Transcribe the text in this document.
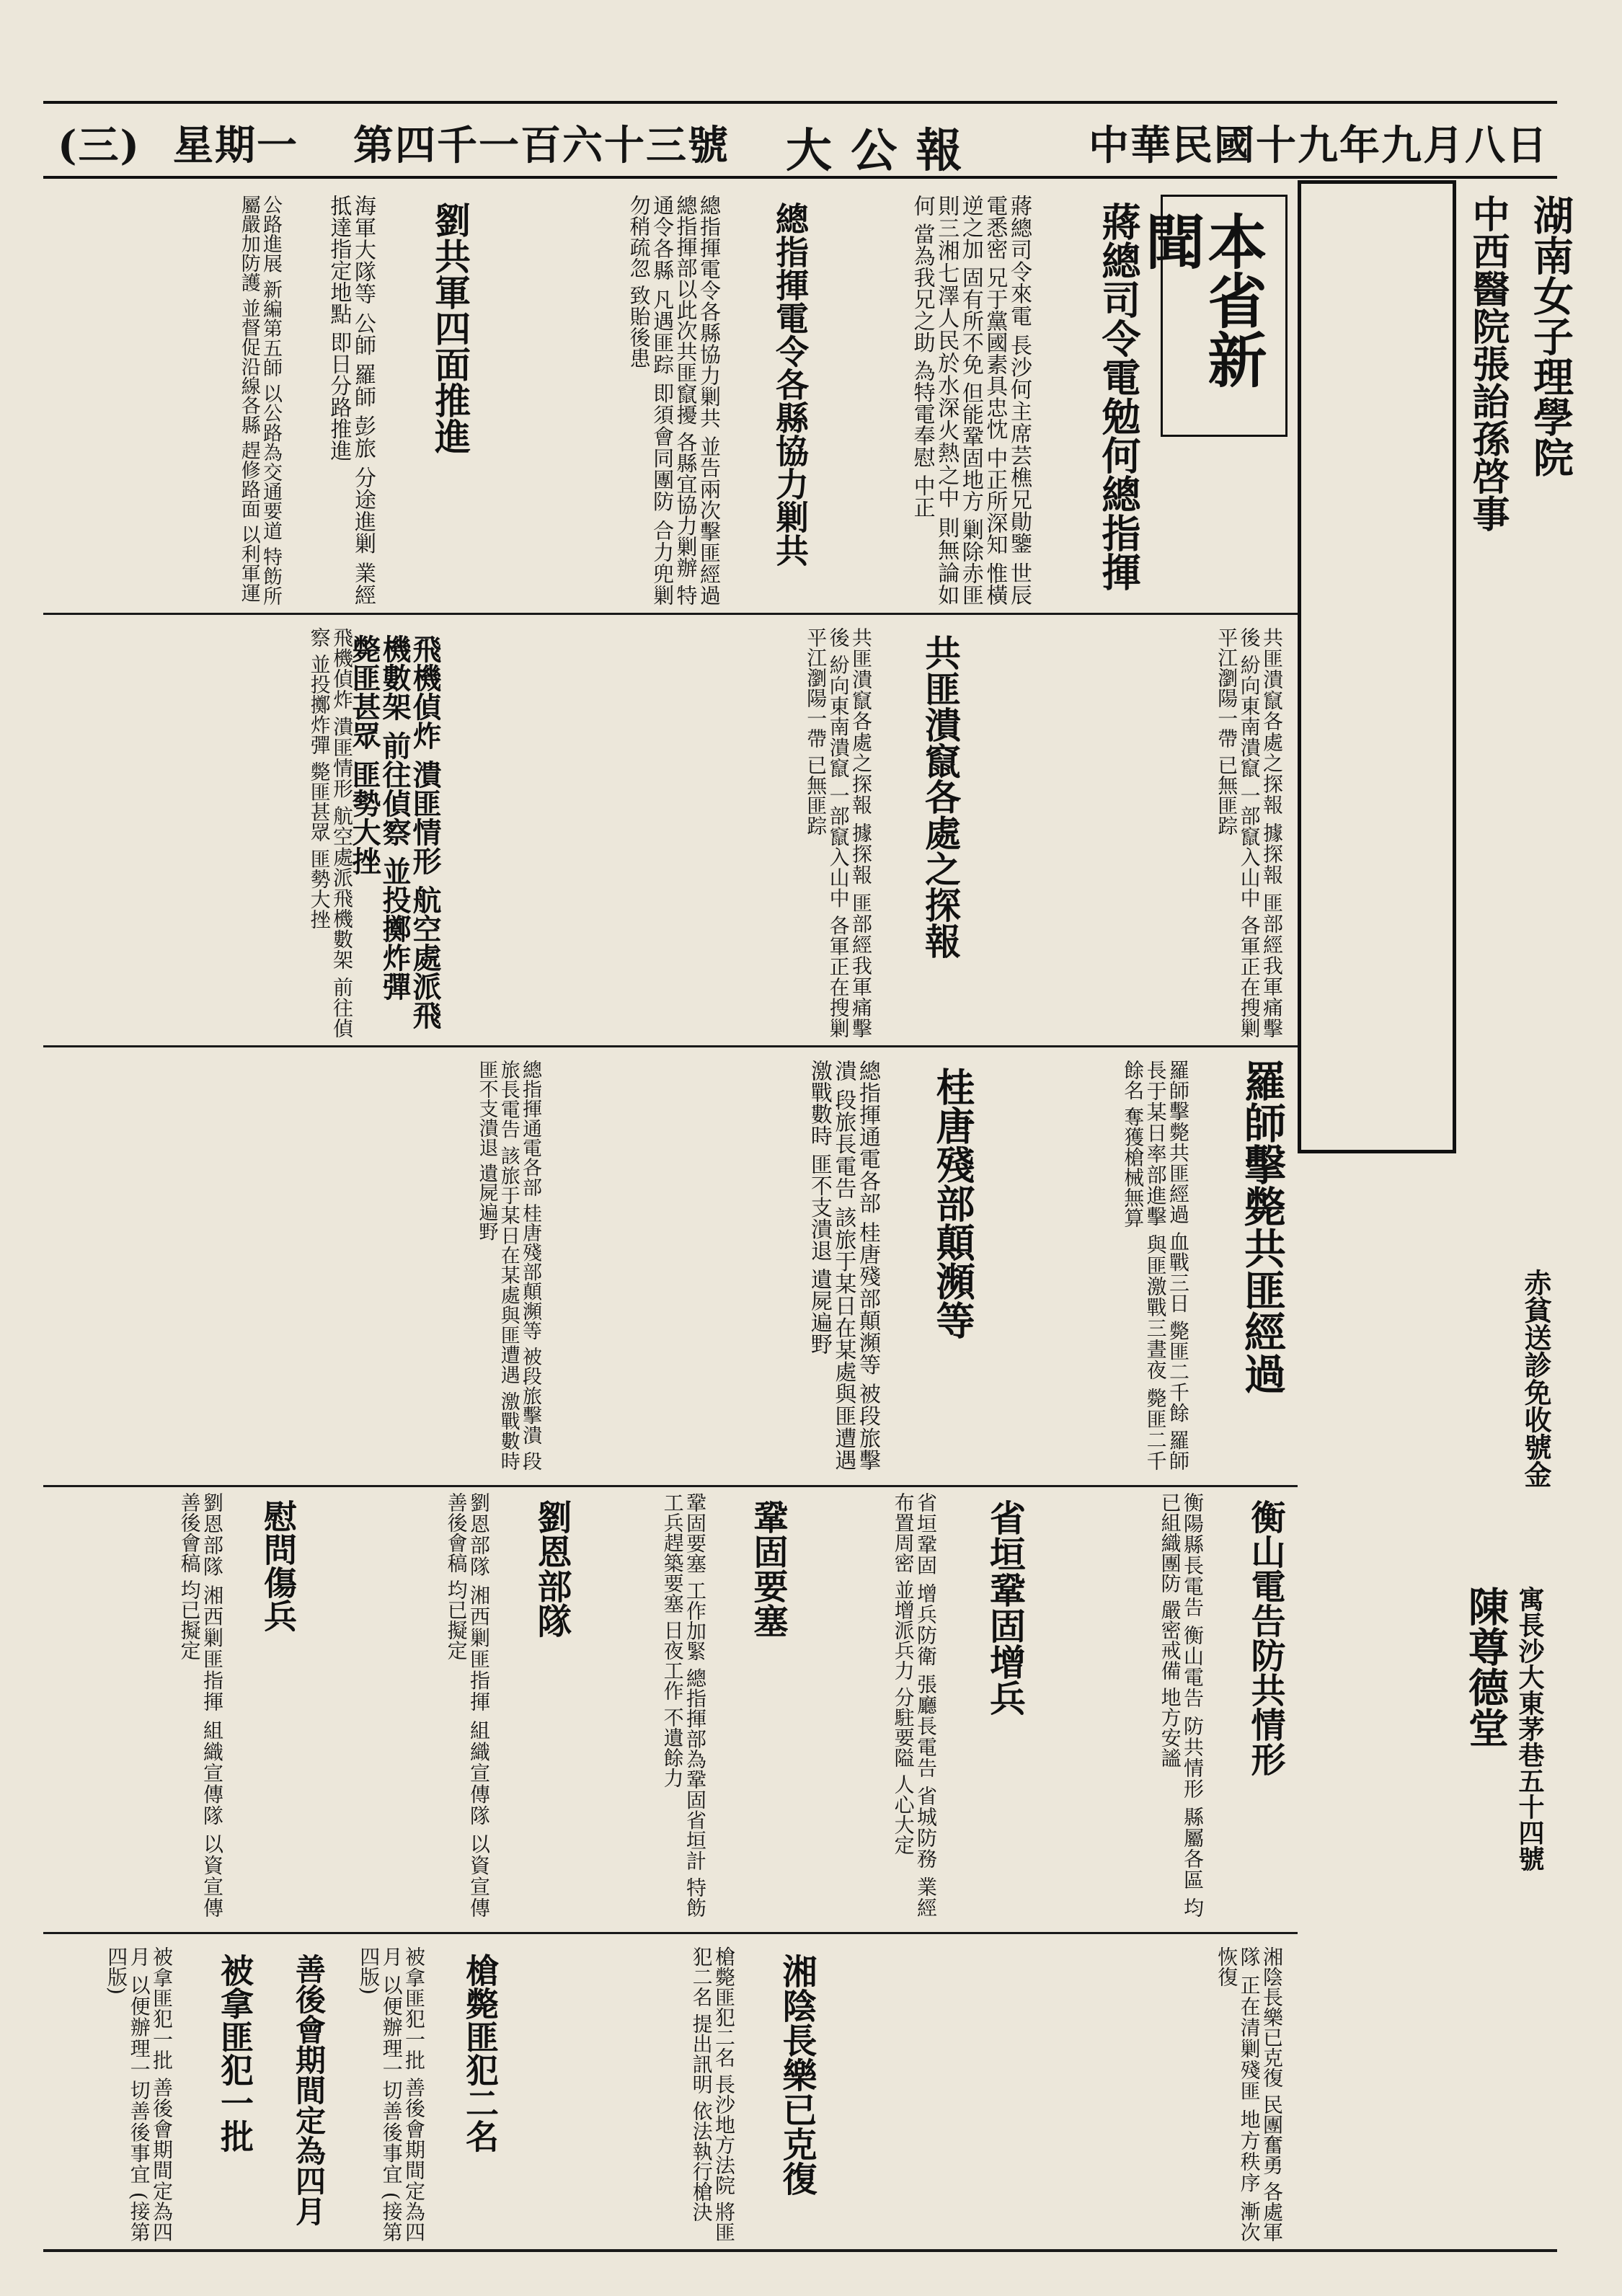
(三) 星期一	第四千一百六十三號	大 公 報	中華民國十九年九月八日
湖南女子理學院
中西醫院張詒孫啓事
赤貧送診免收號金
寓長沙大東茅巷五十四號
陳尊德堂
本省新聞
蔣總司令電勉何總指揮
蔣總司令來電 長沙何主席芸樵兄勛鑒 世辰電悉密 兄于黨國素具忠忱 中正所深知 惟橫逆之加 固有所不免 但能鞏固地方 剿除赤匪 則三湘七澤人民於水深火熱之中 則無論如何 當為我兄之助 為特電奉慰 中正
總指揮電令各縣協力剿共
總指揮電令各縣協力剿共 並告兩次擊匪經過 總指揮部以此次共匪竄擾 各縣宜協力剿辦 特通令各縣 凡遇匪踪 即須會同團防 合力兜剿 勿稍疏忽 致貽後患
劉共軍四面推進
海軍大隊等 公師 羅師 彭旅 分途進剿 業經抵達指定地點 即日分路推進
公路進展 新編第五師 以公路為交通要道 特飭所屬嚴加防護 並督促沿線各縣 趕修路面 以利軍運
共匪潰竄各處之探報 據探報 匪部經我軍痛擊後 紛向東南潰竄 一部竄入山中 各軍正在搜剿 平江瀏陽一帶 已無匪踪
共匪潰竄各處之探報
共匪潰竄各處之探報 據探報 匪部經我軍痛擊後 紛向東南潰竄 一部竄入山中 各軍正在搜剿 平江瀏陽一帶 已無匪踪
飛機偵炸 潰匪情形 航空處派飛機數架 前往偵察 並投擲炸彈 斃匪甚眾 匪勢大挫
飛機偵炸 潰匪情形 航空處派飛機數架 前往偵察 並投擲炸彈 斃匪甚眾 匪勢大挫
羅師擊斃共匪經過
羅師擊斃共匪經過 血戰三日 斃匪二千餘 羅師長于某日率部進擊 與匪激戰三晝夜 斃匪二千餘名 奪獲槍械無算
桂唐殘部顛瀕等
總指揮通電各部 桂唐殘部顛瀕等 被段旅擊潰 段旅長電告 該旅于某日在某處與匪遭遇 激戰數時 匪不支潰退 遺屍遍野
總指揮通電各部 桂唐殘部顛瀕等 被段旅擊潰 段旅長電告 該旅于某日在某處與匪遭遇 激戰數時 匪不支潰退 遺屍遍野
衡山電告防共情形
衡陽縣長電告 衡山電告 防共情形 縣屬各區 均已組織團防 嚴密戒備 地方安謐
省垣鞏固增兵
省垣鞏固 增兵防衛 張廳長電告 省城防務 業經布置周密 並增派兵力 分駐要隘 人心大定
鞏固要塞
鞏固要塞 工作加緊 總指揮部為鞏固省垣計 特飭工兵趕築要塞 日夜工作 不遺餘力
劉恩部隊
劉恩部隊 湘西剿匪指揮 組織宣傳隊 以資宣傳 善後會稿 均已擬定
慰問傷兵
劉恩部隊 湘西剿匪指揮 組織宣傳隊 以資宣傳 善後會稿 均已擬定
湘陰長樂已克復 民團奮勇 各處軍隊 正在清剿殘匪 地方秩序 漸次恢復
湘陰長樂已克復
槍斃匪犯二名 長沙地方法院 將匪犯二名 提出訊明 依法執行槍決
槍斃匪犯二名
善後會期間定為四月	被拿匪犯一批 善後會期間定為四月 以便辦理一切善後事宜 (接第四版)
被拿匪犯一批
被拿匪犯一批 善後會期間定為四月 以便辦理一切善後事宜 (接第四版)
